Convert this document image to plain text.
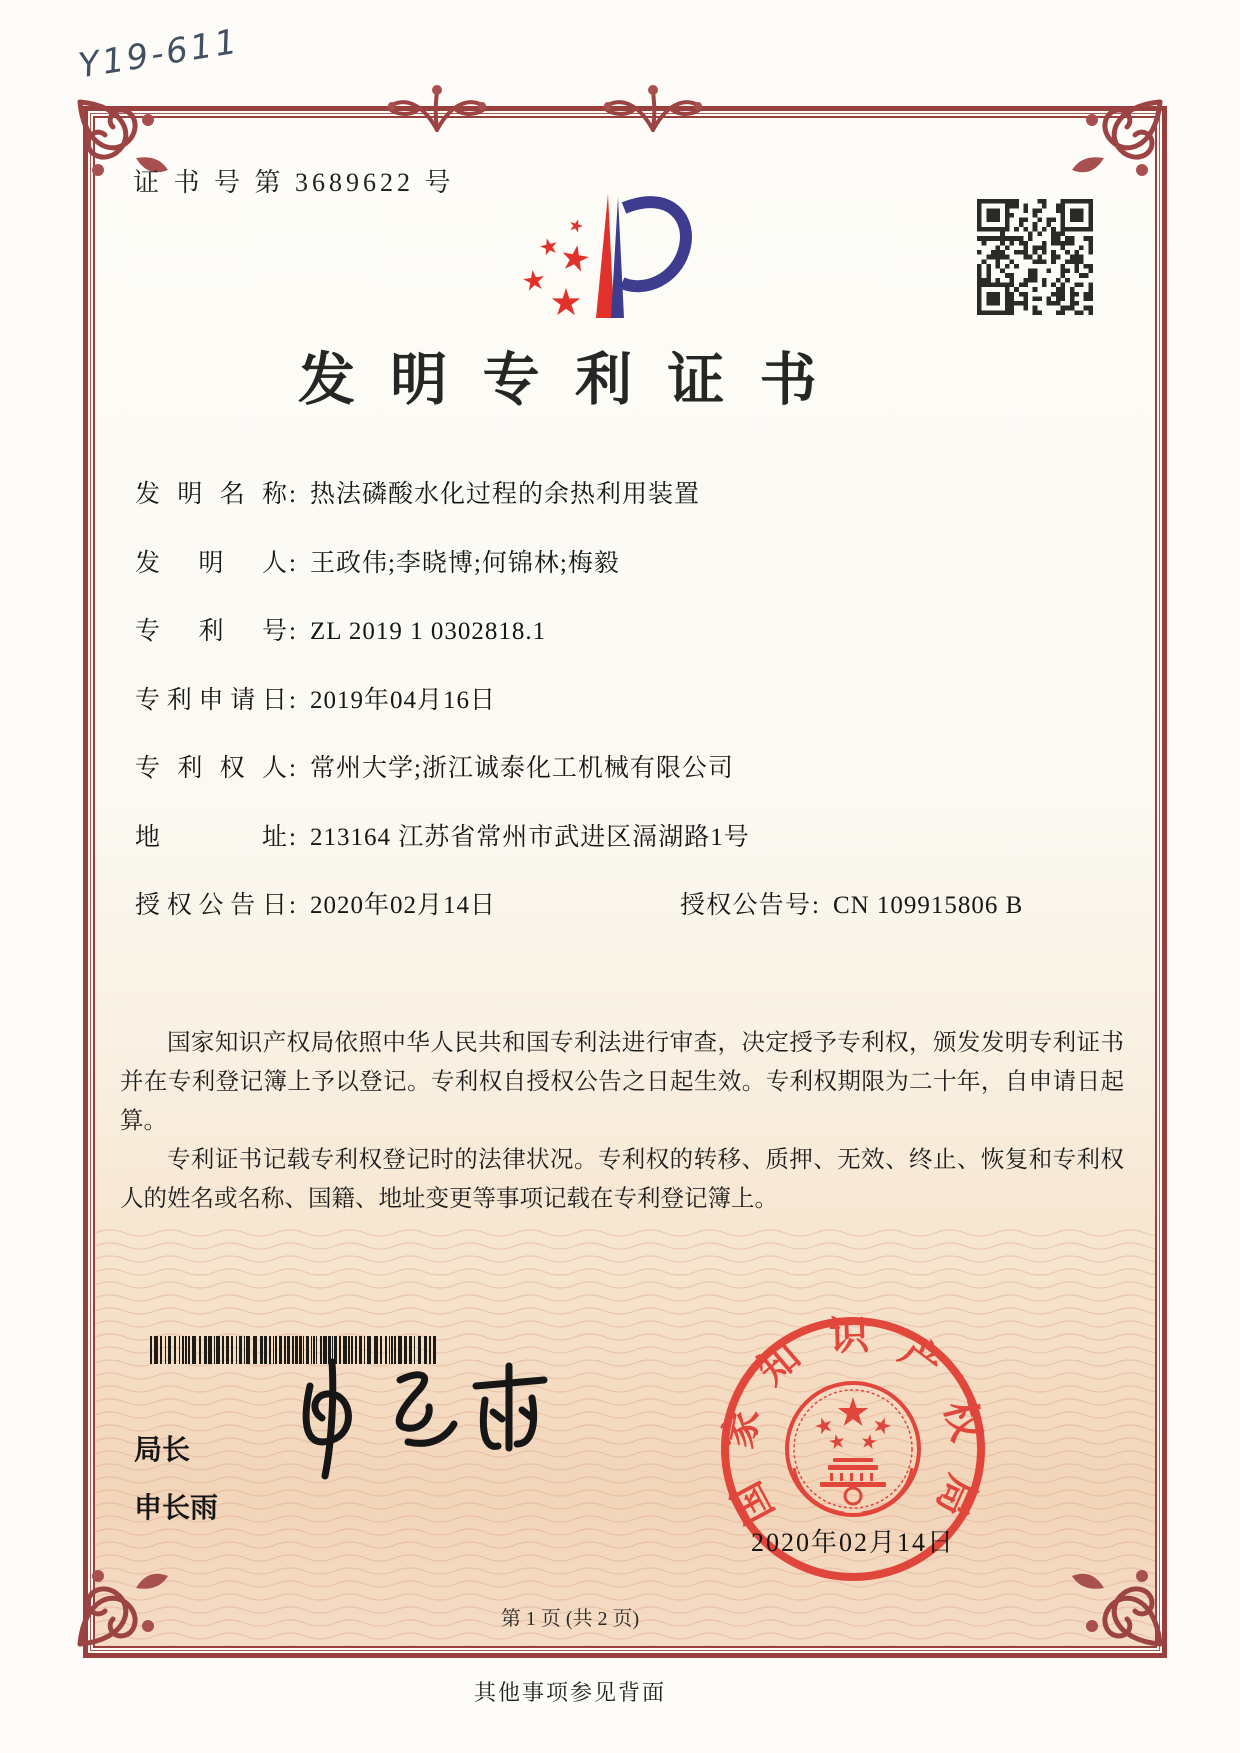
Y19-611
证 书 号 第 3689622 号
发明专利证书
发明名称 : 热法磷酸水化过程的余热利用装置
发明人 : 王政伟;李晓博;何锦林;梅毅
专利号 : ZL 2019 1 0302818.1
专利申请日 : 2019年04月16日
专利权人 : 常州大学;浙江诚泰化工机械有限公司
地址 : 213164 江苏省常州市武进区滆湖路1号
授权公告日 : 2020年02月14日	授权公告号 : CN 109915806 B

国家知识产权局依照中华人民共和国专利法进行审查，决定授予专利权，颁发发明专利证书并在专利登记簿上予以登记。专利权自授权公告之日起生效。专利权期限为二十年，自申请日起算。

专利证书记载专利权登记时的法律状况。专利权的转移、质押、无效、终止、恢复和专利权人的姓名或名称、国籍、地址变更等事项记载在专利登记簿上。

局长
申长雨	国家知识产权局
2020年02月14日
第 1 页 (共 2 页)
其他事项参见背面
